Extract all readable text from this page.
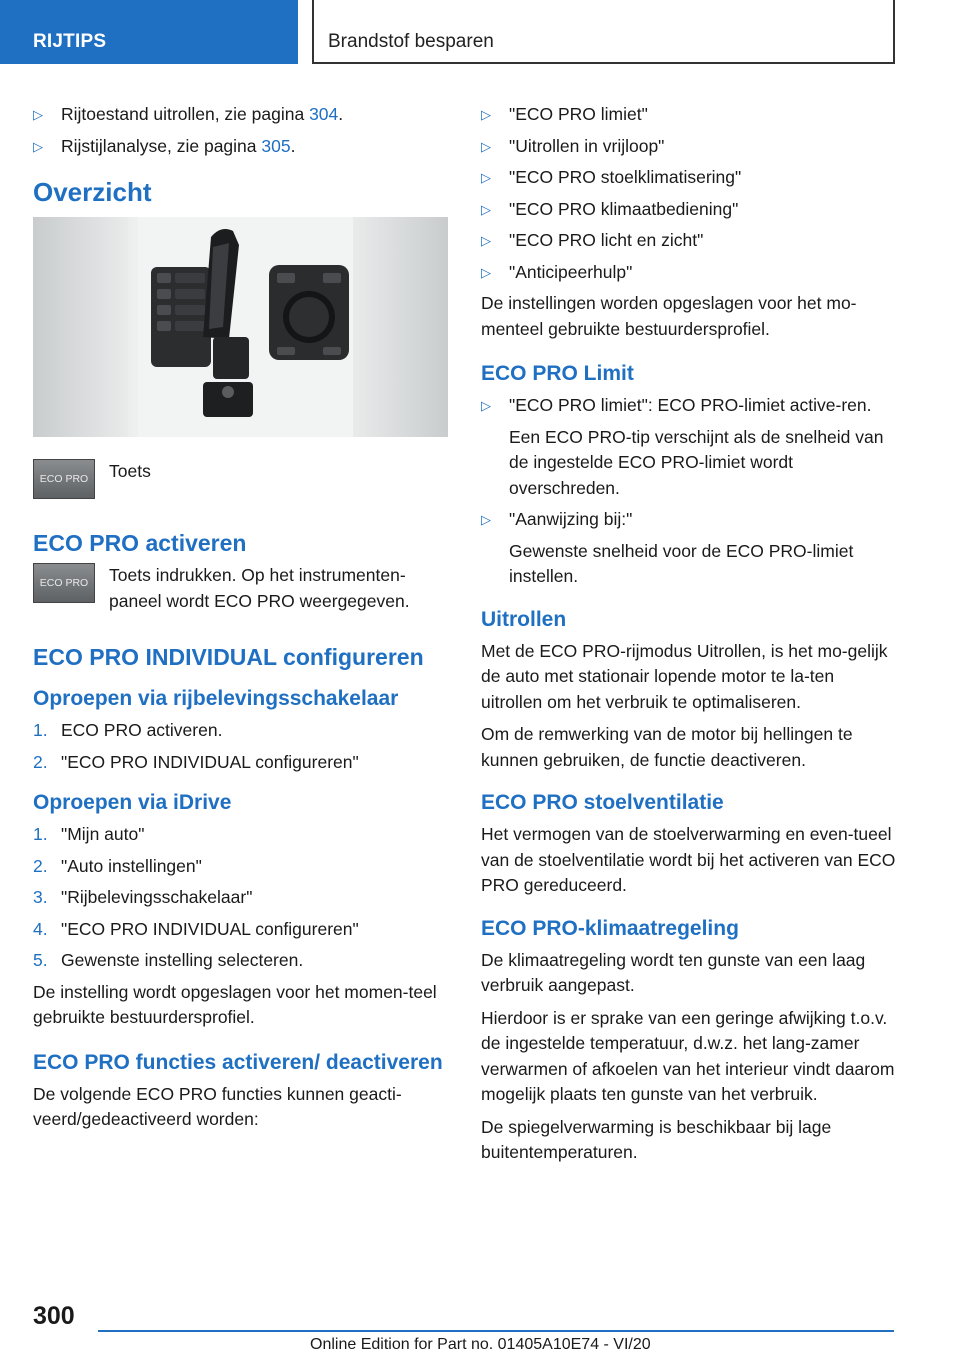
RIJTIPS	Brandstof besparen
▷ Rijtoestand uitrollen, zie pagina 304.
▷ Rijstijlanalyse, zie pagina 305.
Overzicht
ECO PRO	Toets

ECO PRO activeren
ECO PRO	Toets indrukken. Op het instrumenten-paneel wordt ECO PRO weergegeven.

ECO PRO INDIVIDUAL configureren
Oproepen via rijbelevingsschakelaar
1. ECO PRO activeren.
2. "ECO PRO INDIVIDUAL configureren"
Oproepen via iDrive
1. "Mijn auto"
2. "Auto instellingen"
3. "Rijbelevingsschakelaar"
4. "ECO PRO INDIVIDUAL configureren"
5. Gewenste instelling selecteren.

De instelling wordt opgeslagen voor het momen-teel gebruikte bestuurdersprofiel.

ECO PRO functies activeren/ deactiveren

De volgende ECO PRO functies kunnen geacti-veerd/gedeactiveerd worden:

▷ "ECO PRO limiet"
▷ "Uitrollen in vrijloop"
▷ "ECO PRO stoelklimatisering"
▷ "ECO PRO klimaatbediening"
▷ "ECO PRO licht en zicht"
▷ "Anticipeerhulp"

De instellingen worden opgeslagen voor het mo-menteel gebruikte bestuurdersprofiel.

ECO PRO Limit
▷ "ECO PRO limiet": ECO PRO-limiet active-ren.
Een ECO PRO-tip verschijnt als de snelheid van de ingestelde ECO PRO-limiet wordt overschreden.
▷ "Aanwijzing bij:"
Gewenste snelheid voor de ECO PRO-limiet instellen.
Uitrollen

Met de ECO PRO-rijmodus Uitrollen, is het mo-gelijk de auto met stationair lopende motor te la-ten uitrollen om het verbruik te optimaliseren.

Om de remwerking van de motor bij hellingen te kunnen gebruiken, de functie deactiveren.

ECO PRO stoelventilatie

Het vermogen van de stoelverwarming en even-tueel van de stoelventilatie wordt bij het activeren van ECO PRO gereduceerd.

ECO PRO-klimaatregeling

De klimaatregeling wordt ten gunste van een laag verbruik aangepast.

Hierdoor is er sprake van een geringe afwijking t.o.v. de ingestelde temperatuur, d.w.z. het lang-zamer verwarmen of afkoelen van het interieur vindt daarom mogelijk plaats ten gunste van het verbruik.

De spiegelverwarming is beschikbaar bij lage buitentemperaturen.

300
Online Edition for Part no. 01405A10E74 - VI/20
